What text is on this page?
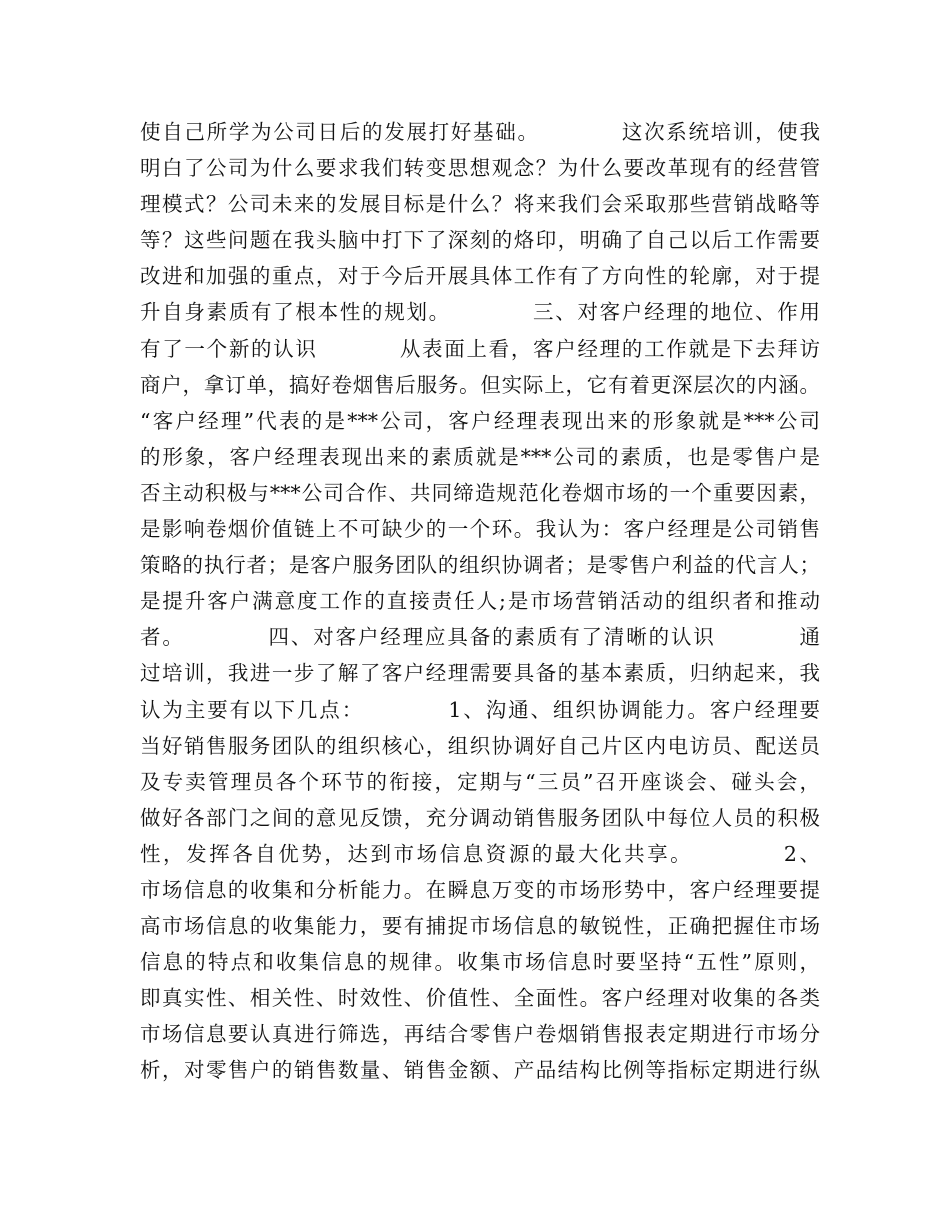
使自己所学为公司日后的发展打好基础。          这次系统培训，使我
明白了公司为什么要求我们转变思想观念？为什么要改革现有的经营管
理模式？公司未来的发展目标是什么？将来我们会采取那些营销战略等
等？这些问题在我头脑中打下了深刻的烙印，明确了自己以后工作需要
改进和加强的重点，对于今后开展具体工作有了方向性的轮廓，对于提
升自身素质有了根本性的规划。          三、对客户经理的地位、作用
有了一个新的认识          从表面上看，客户经理的工作就是下去拜访
商户，拿订单，搞好卷烟售后服务。但实际上，它有着更深层次的内涵。
“客户经理”代表的是***公司，客户经理表现出来的形象就是***公司
的形象，客户经理表现出来的素质就是***公司的素质，也是零售户是
否主动积极与***公司合作、共同缔造规范化卷烟市场的一个重要因素，
是影响卷烟价值链上不可缺少的一个环。我认为：客户经理是公司销售
策略的执行者；是客户服务团队的组织协调者；是零售户利益的代言人；
是提升客户满意度工作的直接责任人;是市场营销活动的组织者和推动
者。          四、对客户经理应具备的素质有了清晰的认识          通
过培训，我进一步了解了客户经理需要具备的基本素质，归纳起来，我
认为主要有以下几点：          1、沟通、组织协调能力。客户经理要
当好销售服务团队的组织核心，组织协调好自己片区内电访员、配送员
及专卖管理员各个环节的衔接，定期与“三员”召开座谈会、碰头会，
做好各部门之间的意见反馈，充分调动销售服务团队中每位人员的积极
性，发挥各自优势，达到市场信息资源的最大化共享。          2、
市场信息的收集和分析能力。在瞬息万变的市场形势中，客户经理要提
高市场信息的收集能力，要有捕捉市场信息的敏锐性，正确把握住市场
信息的特点和收集信息的规律。收集市场信息时要坚持“五性”原则，
即真实性、相关性、时效性、价值性、全面性。客户经理对收集的各类
市场信息要认真进行筛选，再结合零售户卷烟销售报表定期进行市场分
析，对零售户的销售数量、销售金额、产品结构比例等指标定期进行纵
